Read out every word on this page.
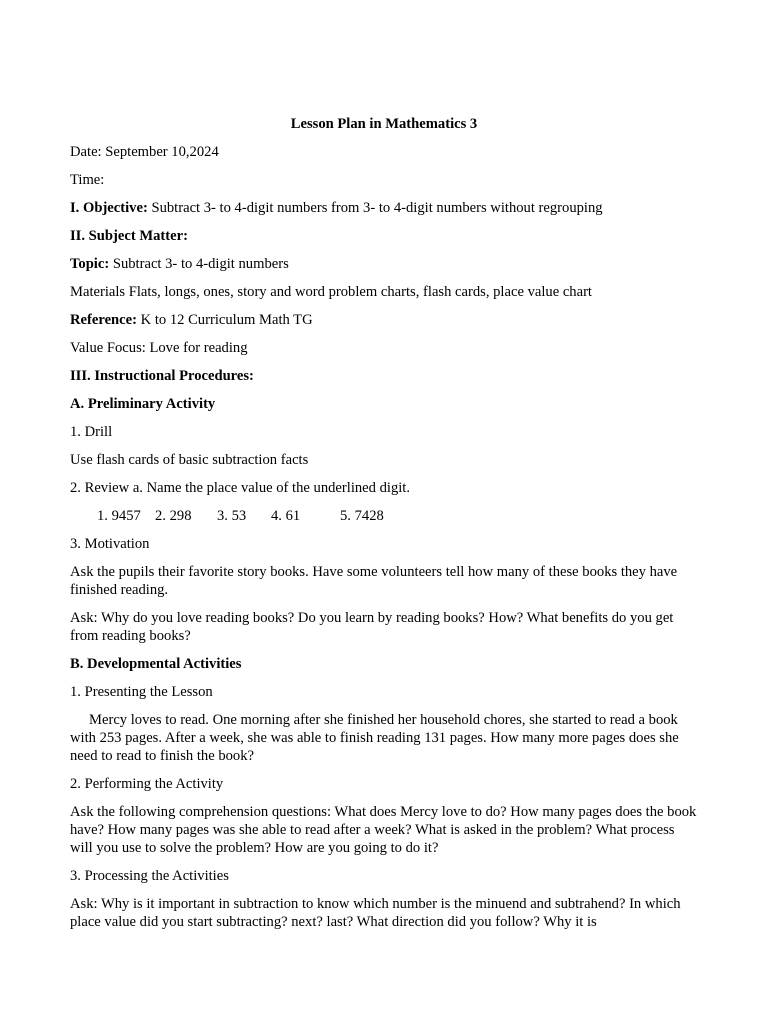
Lesson Plan in Mathematics 3
Date: September 10,2024
Time:
I. Objective: Subtract 3- to 4-digit numbers from 3- to 4-digit numbers without regrouping
II. Subject Matter:
Topic: Subtract 3- to 4-digit numbers
Materials Flats, longs, ones, story and word problem charts, flash cards, place value chart
Reference: K to 12 Curriculum Math TG
Value Focus: Love for reading
III. Instructional Procedures:
A. Preliminary Activity
1. Drill
Use flash cards of basic subtraction facts
2. Review a. Name the place value of the underlined digit.
1. 9457 2. 298 3. 53 4. 61	5. 7428
3. Motivation
Ask the pupils their favorite story books. Have some volunteers tell how many of these books they have finished reading.
Ask: Why do you love reading books? Do you learn by reading books? How? What benefits do you get from reading books?
B. Developmental Activities
1. Presenting the Lesson
Mercy loves to read. One morning after she finished her household chores, she started to read a book with 253 pages. After a week, she was able to finish reading 131 pages. How many more pages does she need to read to finish the book?
2. Performing the Activity
Ask the following comprehension questions: What does Mercy love to do? How many pages does the book have? How many pages was she able to read after a week? What is asked in the problem? What process will you use to solve the problem? How are you going to do it?
3. Processing the Activities
Ask: Why is it important in subtraction to know which number is the minuend and subtrahend? In which place value did you start subtracting? next? last? What direction did you follow? Why it is
